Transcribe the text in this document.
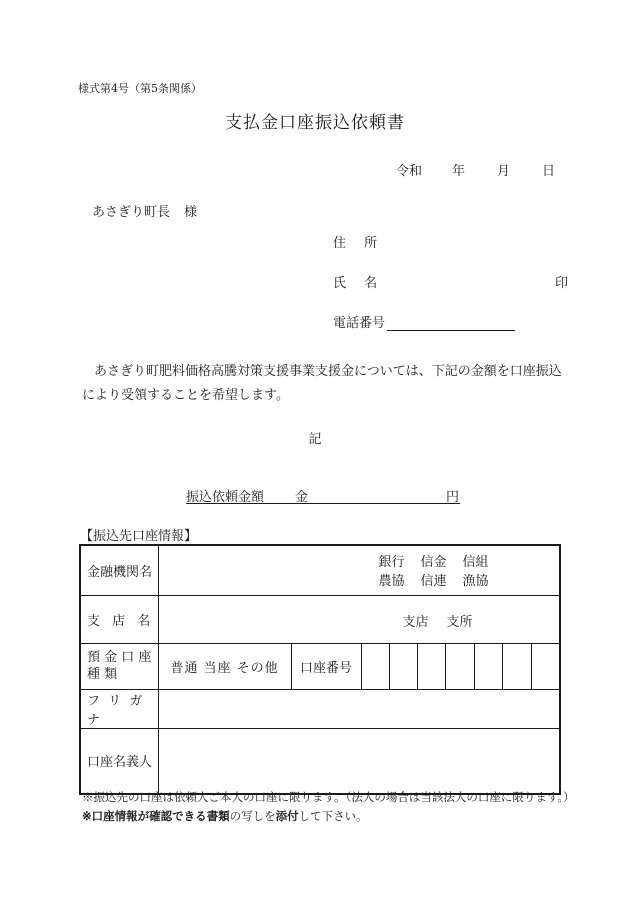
様式第4号（第5条関係）
支払金口座振込依頼書
令和 年 月 日
あさぎり町長 様
住 所
氏 名	印
電話番号
あさぎり町肥料価格高騰対策支援事業支援金については、下記の金額を口座振込により受領することを希望します。
記
振込依頼金額 金	円
【振込先口座情報】
金融機関名	銀行 信金 信組
農協 信連 漁協								

支 店 名	支店 支所								

預 金 口 座
種 類	普通 当座 その他	口座番号							
フ リ ガ ナ									
口座名義人									
※振込先の口座は依頼人ご本人の口座に限ります。（法人の場合は当該法人の口座に限ります。）※口座情報が確認できる書類の写しを添付して下さい。
